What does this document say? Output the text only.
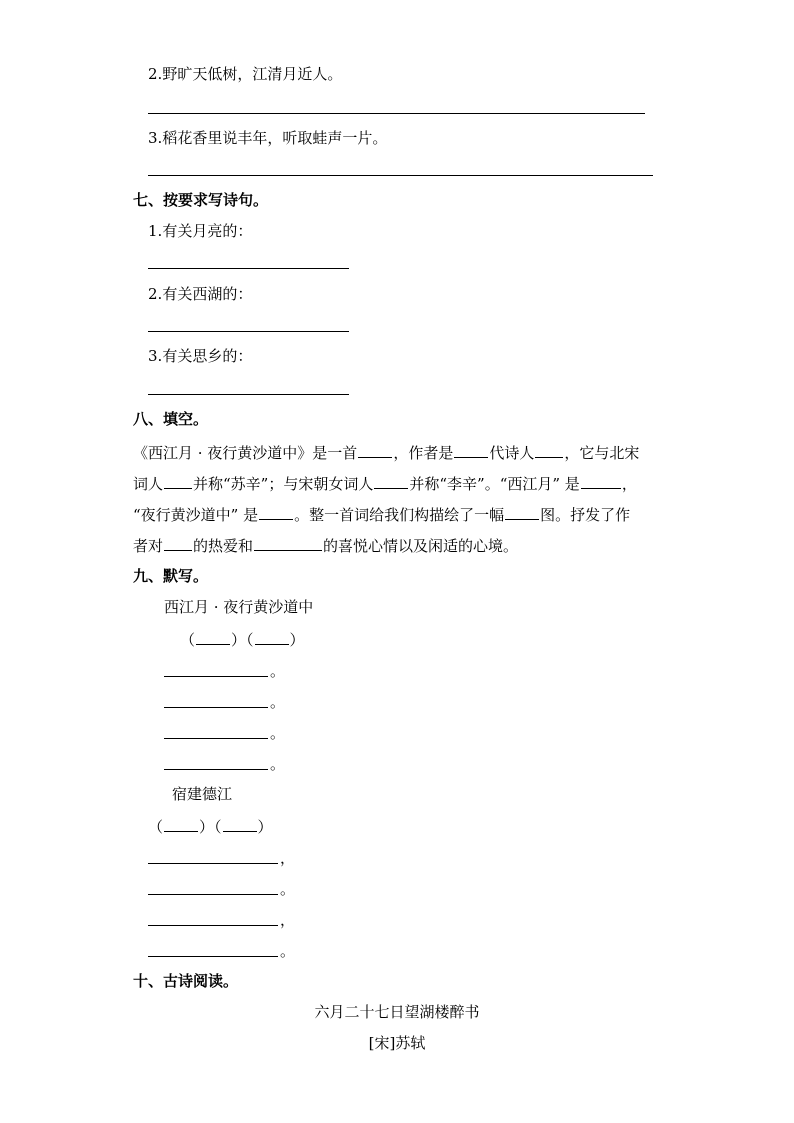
2.野旷天低树，江清月近人。
3.稻花香里说丰年，听取蛙声一片。
七、按要求写诗句。
1.有关月亮的：
2.有关西湖的：
3.有关思乡的：
八、填空。
《西江月 · 夜行黄沙道中》是一首 ，作者是 代诗人 ，它与北宋
词人 并称“苏辛”；与宋朝女词人 并称“李辛”。“西江月” 是	，
“夜行黄沙道中” 是 。整一首词给我们构描绘了一幅 图。抒发了作
者对 的热爱和	的喜悦心情以及闲适的心境。
九、默写。
西江月 · 夜行黄沙道中
（ ）（ ）
。
。
。
。
宿建德江
（ ）（ ）
，
。
，
。
十、古诗阅读。
六月二十七日望湖楼醉书
[宋]苏轼
